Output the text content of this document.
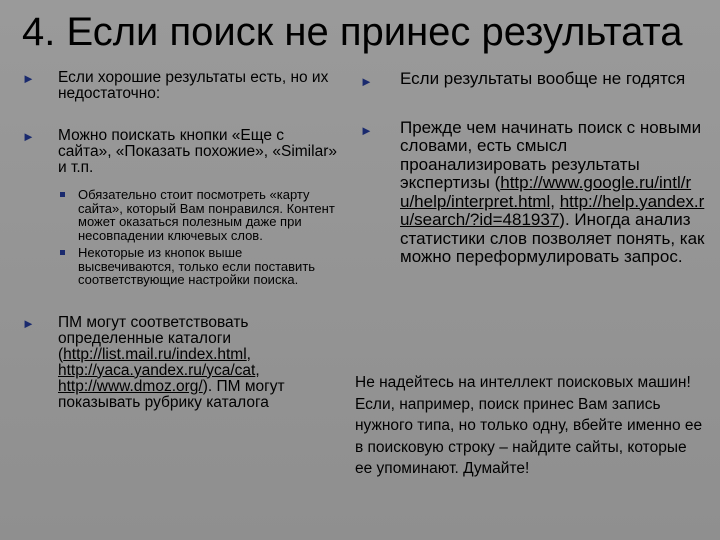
4. Если поиск не принес результата
► Если хорошие результаты есть, но их недостаточно:
► Можно поискать кнопки «Еще с сайта», «Показать похожие», «Similar» и т.п.
Обязательно стоит посмотреть «карту сайта», который Вам понравился. Контент может оказаться полезным даже при несовпадении ключевых слов.
Некоторые из кнопок выше высвечиваются, только если поставить соответствующие настройки поиска.
► ПМ могут соответствовать определенные каталоги (http://list.mail.ru/index.html, http://yaca.yandex.ru/yca/cat, http://www.dmoz.org/). ПМ могут показывать рубрику каталога
► Если результаты вообще не годятся
► Прежде чем начинать поиск с новыми словами, есть смысл проанализировать результаты экспертизы (http://www.google.ru/intl/ru/help/interpret.html, http://help.yandex.ru/search/?id=481937). Иногда анализ статистики слов позволяет понять, как можно переформулировать запрос.
Не надейтесь на интеллект поисковых машин! Если, например, поиск принес Вам запись нужного типа, но только одну, вбейте именно ее в поисковую строку – найдите сайты, которые ее упоминают. Думайте!
